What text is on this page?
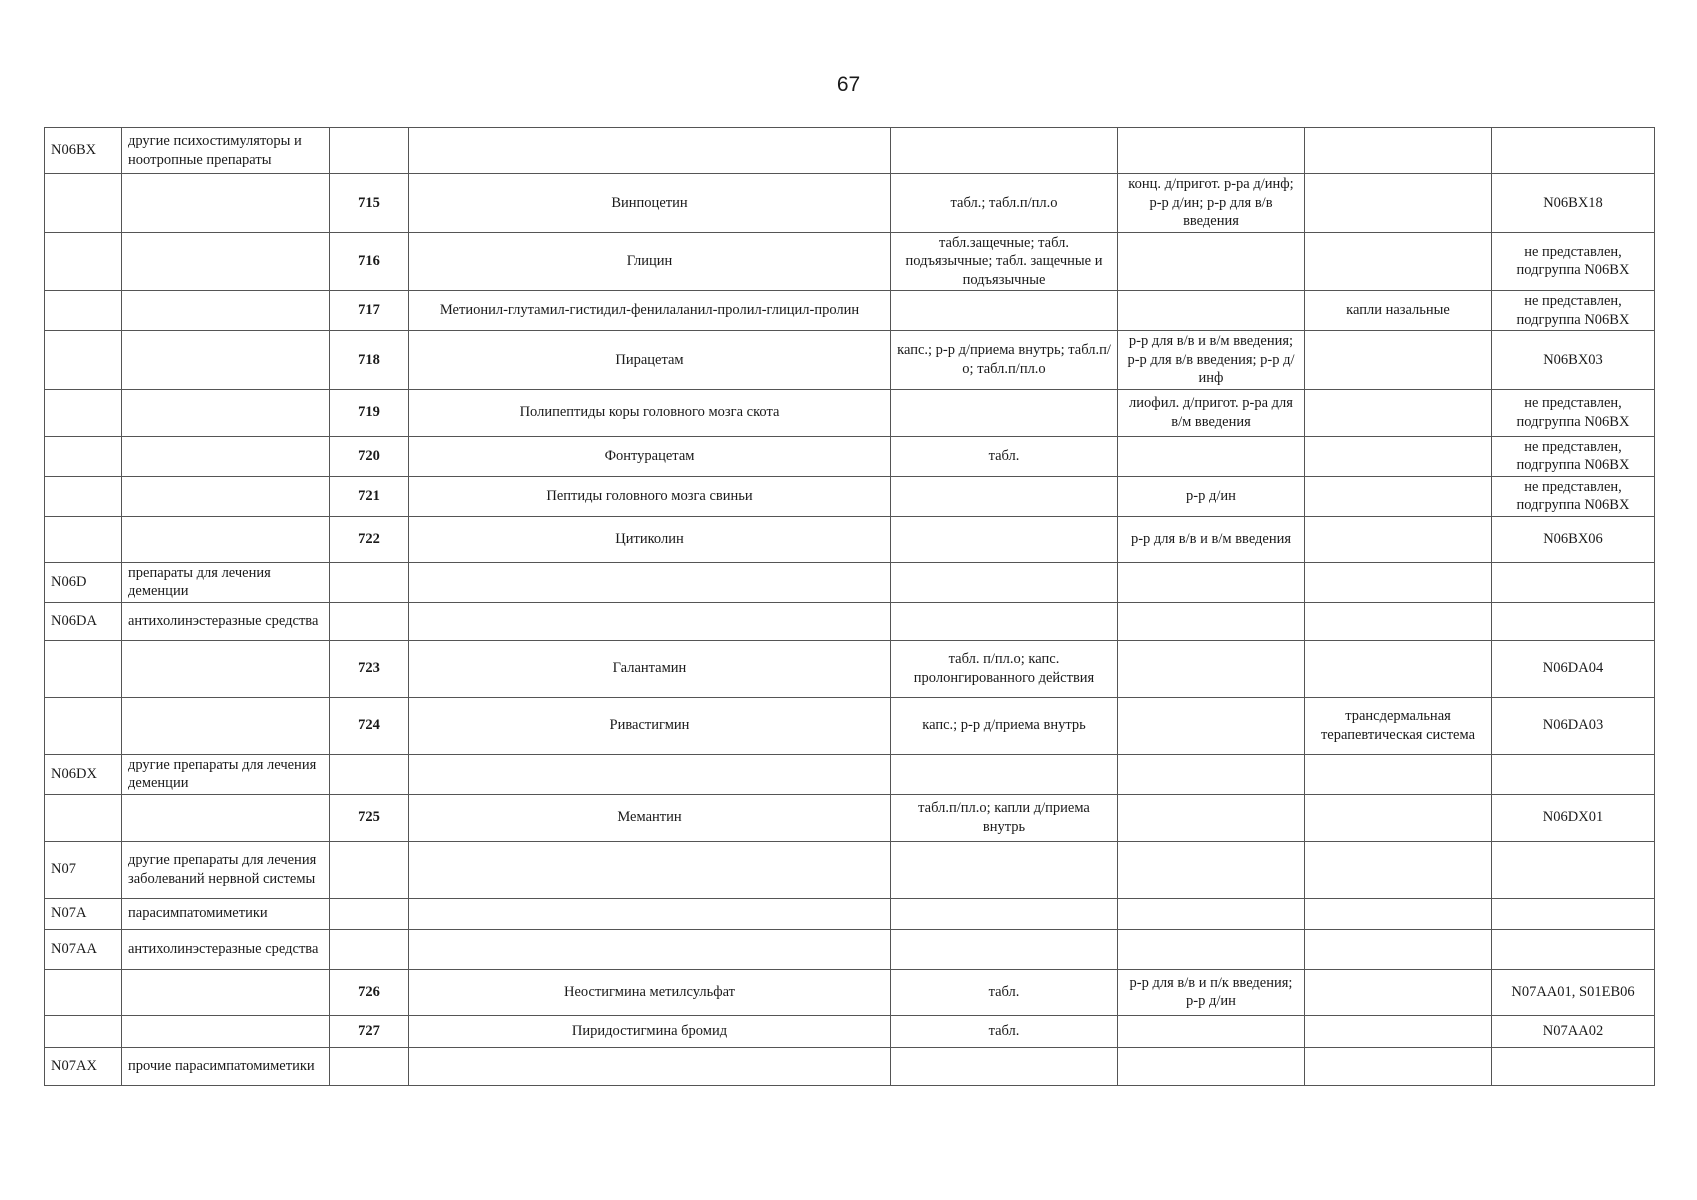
67
N06BX	другие психостимуляторы и ноотропные препараты						
		715	Винпоцетин	табл.; табл.п/пл.о	конц. д/пригот. р-ра д/инф; р-р д/ин; р-р для в/в введения		N06BX18
		716	Глицин	табл.защечные; табл. подъязычные; табл. защечные и подъязычные			не представлен, подгруппа N06BX
		717	Метионил-глутамил-гистидил-фенилаланил-пролил-глицил-пролин			капли назальные	не представлен, подгруппа N06BX
		718	Пирацетам	капс.; р-р д/приема внутрь; табл.п/о; табл.п/пл.о	р-р для в/в и в/м введения; р-р для в/в введения; р-р д/инф		N06BX03
		719	Полипептиды коры головного мозга скота		лиофил. д/пригот. р-ра для в/м введения		не представлен, подгруппа N06BX
		720	Фонтурацетам	табл.			не представлен, подгруппа N06BX
		721	Пептиды головного мозга свиньи		р-р д/ин		не представлен, подгруппа N06BX
		722	Цитиколин		р-р для в/в и в/м введения		N06BX06
N06D	препараты для лечения деменции						
N06DA	антихолинэстеразные средства						
		723	Галантамин	табл. п/пл.о; капс. пролонгированного действия			N06DA04
		724	Ривастигмин	капс.; р-р д/приема внутрь		трансдермальная терапевтическая система	N06DA03
N06DX	другие препараты для лечения деменции						
		725	Мемантин	табл.п/пл.о; капли д/приема внутрь			N06DX01
N07	другие препараты для лечения заболеваний нервной системы						
N07A	парасимпатомиметики						
N07AA	антихолинэстеразные средства						
		726	Неостигмина метилсульфат	табл.	р-р для в/в и п/к введения; р-р д/ин		N07AA01, S01EB06
		727	Пиридостигмина бромид	табл.			N07AA02
N07AX	прочие парасимпатомиметики						
